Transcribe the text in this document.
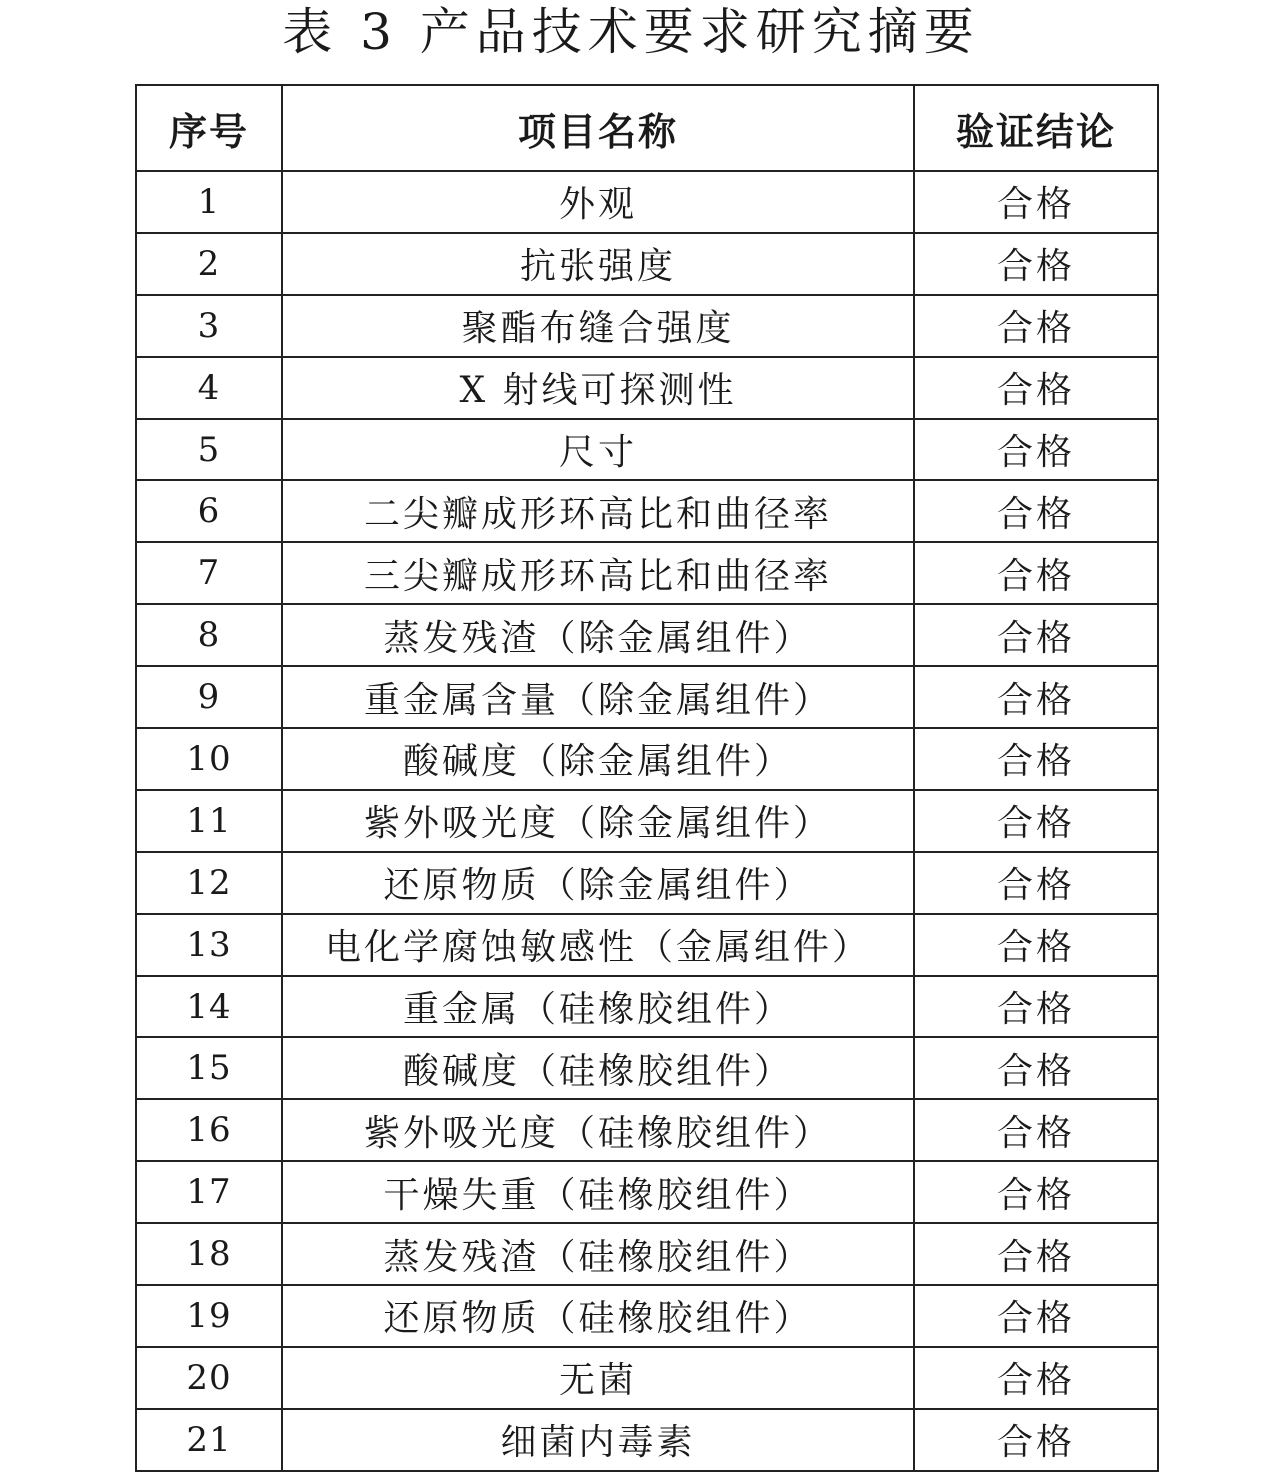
表 3 产品技术要求研究摘要
序号	项目名称	验证结论
1	外观	合格
2	抗张强度	合格
3	聚酯布缝合强度	合格
4	X 射线可探测性	合格
5	尺寸	合格
6	二尖瓣成形环高比和曲径率	合格
7	三尖瓣成形环高比和曲径率	合格
8	蒸发残渣（除金属组件）	合格
9	重金属含量（除金属组件）	合格
10	酸碱度（除金属组件）	合格
11	紫外吸光度（除金属组件）	合格
12	还原物质（除金属组件）	合格
13	电化学腐蚀敏感性（金属组件）	合格
14	重金属（硅橡胶组件）	合格
15	酸碱度（硅橡胶组件）	合格
16	紫外吸光度（硅橡胶组件）	合格
17	干燥失重（硅橡胶组件）	合格
18	蒸发残渣（硅橡胶组件）	合格
19	还原物质（硅橡胶组件）	合格
20	无菌	合格
21	细菌内毒素	合格
